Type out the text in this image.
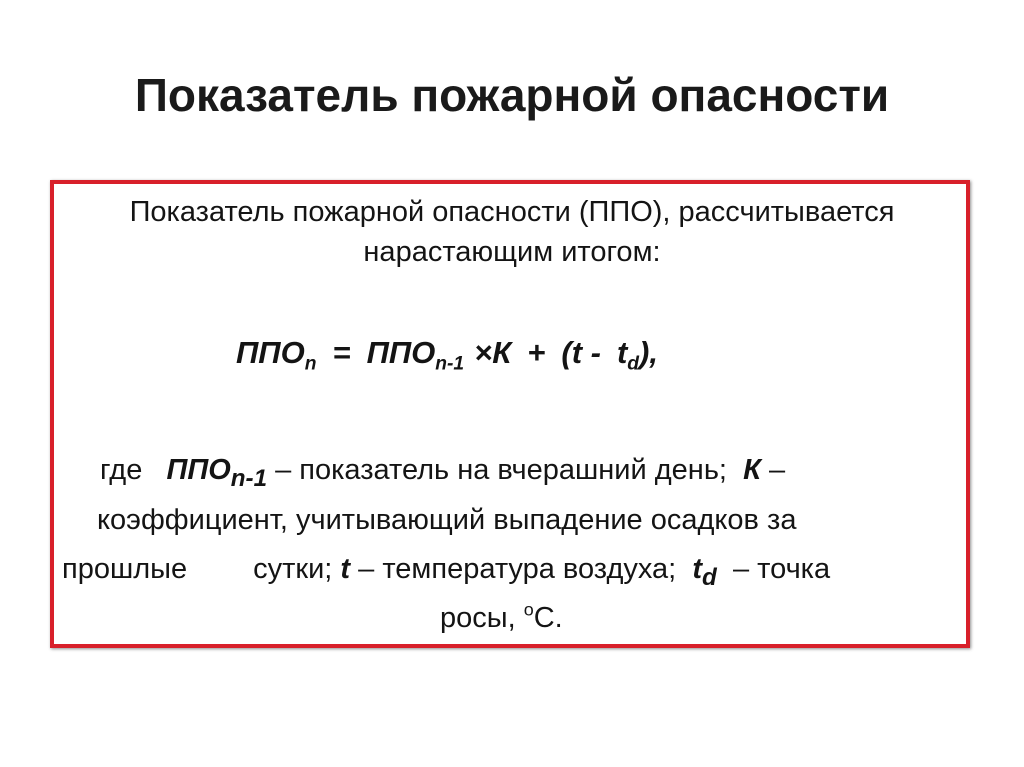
Показатель пожарной опасности
Показатель пожарной опасности (ППО), рассчитывается
нарастающим итогом:
$ППО_n = ППО_{n-1} \times К + (t - t_d)$,
где $ППО_{n-1}$ – показатель на вчерашний день; К –
коэффициент, учитывающий выпадение осадков за
прошлые сутки; t – температура воздуха; $t_d$ – точка
росы, $^о$С.
